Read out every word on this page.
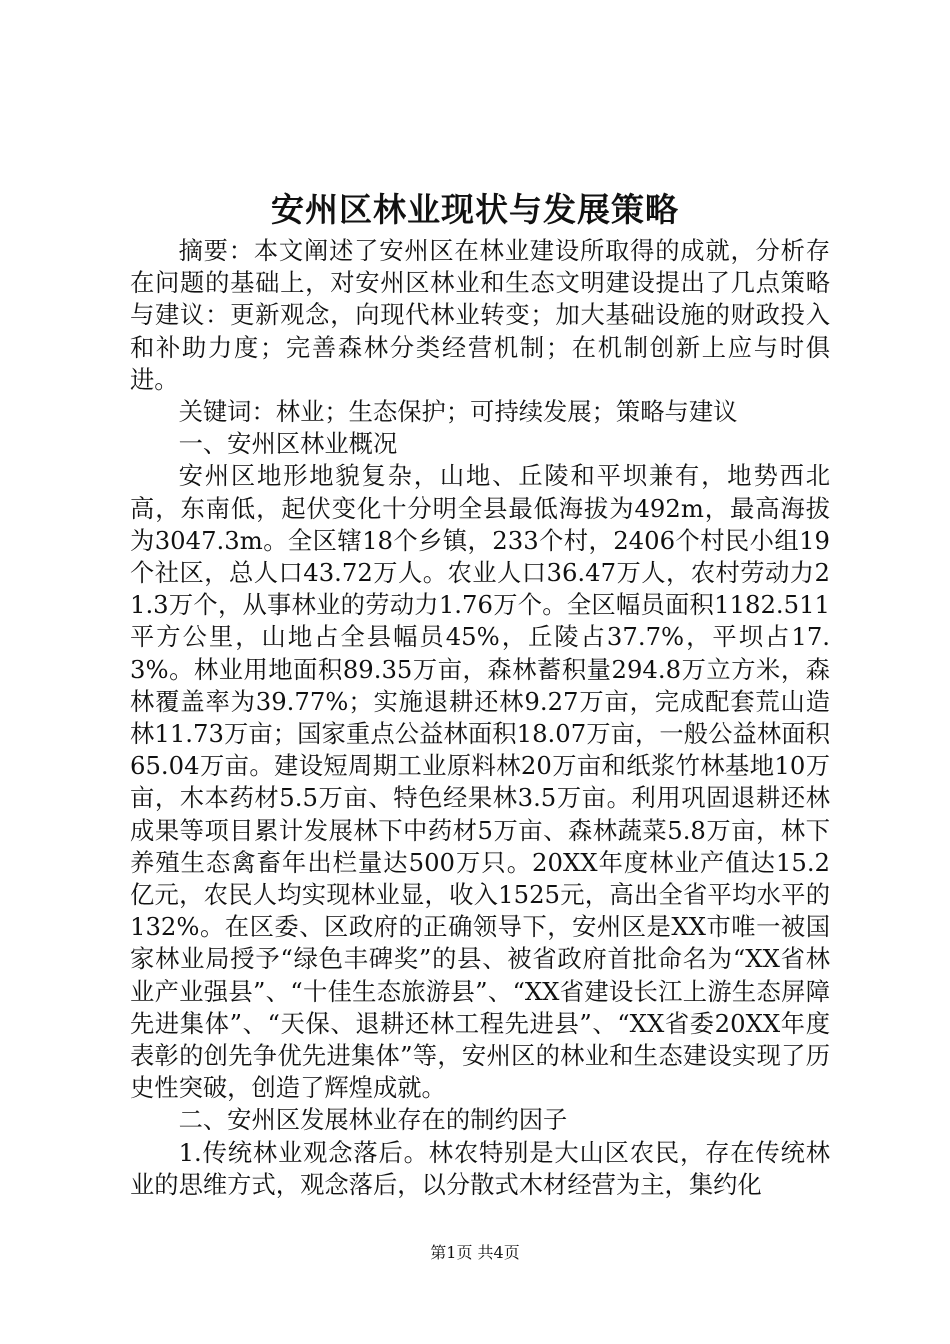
安州区林业现状与发展策略

摘要：本文阐述了安州区在林业建设所取得的成就，分析存在问题的基础上，对安州区林业和生态文明建设提出了几点策略与建议：更新观念，向现代林业转变；加大基础设施的财政投入和补助力度；完善森林分类经营机制；在机制创新上应与时俱进。

关键词：林业；生态保护；可持续发展；策略与建议

一、安州区林业概况

安州区地形地貌复杂，山地、丘陵和平坝兼有，地势西北高，东南低，起伏变化十分明全县最低海拔为492m，最高海拔为3047.3m。全区辖18个乡镇，233个村，2406个村民小组19个社区，总人口43.72万人。农业人口36.47万人，农村劳动力21.3万个，从事林业的劳动力1.76万个。全区幅员面积1182.511平方公里，山地占全县幅员45%，丘陵占37.7%，平坝占17.3%。林业用地面积89.35万亩，森林蓄积量294.8万立方米，森林覆盖率为39.77%；实施退耕还林9.27万亩，完成配套荒山造林11.73万亩；国家重点公益林面积18.07万亩，一般公益林面积65.04万亩。建设短周期工业原料林20万亩和纸浆竹林基地10万亩，木本药材5.5万亩、特色经果林3.5万亩。利用巩固退耕还林成果等项目累计发展林下中药材5万亩、森林蔬菜5.8万亩，林下养殖生态禽畜年出栏量达500万只。20XX年度林业产值达15.2亿元，农民人均实现林业显，收入1525元，高出全省平均水平的132%。在区委、区政府的正确领导下，安州区是XX市唯一被国家林业局授予“绿色丰碑奖”的县、被省政府首批命名为“XX省林业产业强县”、“十佳生态旅游县”、“XX省建设长江上游生态屏障先进集体”、“天保、退耕还林工程先进县”、“XX省委20XX年度表彰的创先争优先进集体”等，安州区的林业和生态建设实现了历史性突破，创造了辉煌成就。

二、安州区发展林业存在的制约因子

1.传统林业观念落后。林农特别是大山区农民，存在传统林业的思维方式，观念落后，以分散式木材经营为主，集约化

第1页 共4页
